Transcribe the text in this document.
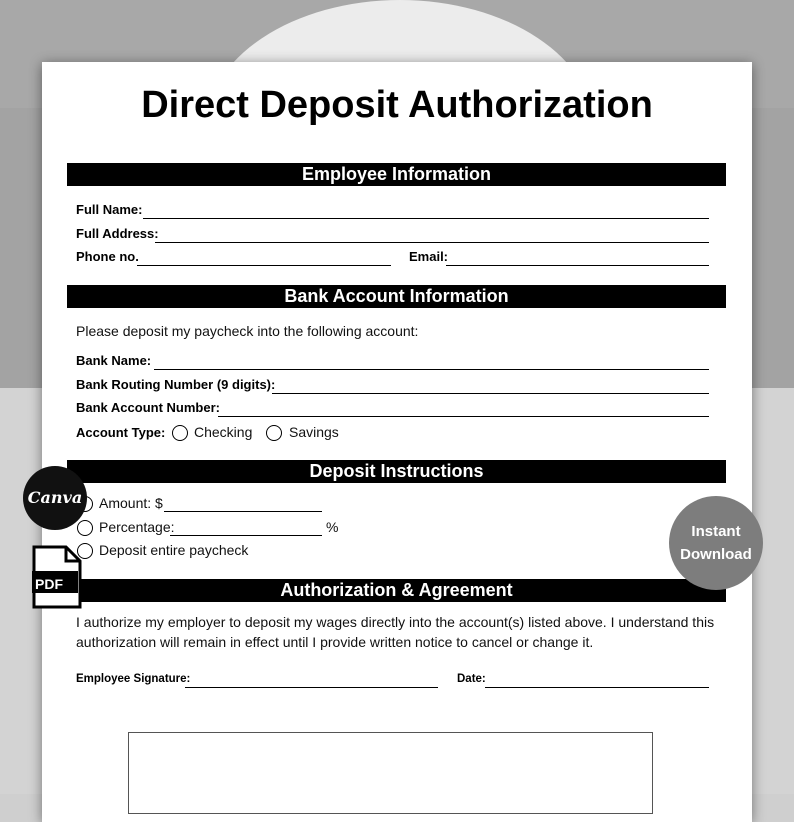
Direct Deposit Authorization
Employee Information
Full Name:
Full Address:
Phone no.	Email:
Bank Account Information
Please deposit my paycheck into the following account:
Bank Name:
Bank Routing Number (9 digits):
Bank Account Number:
Account Type: Checking	Savings
Deposit Instructions
Amount: $
Percentage:	%
Deposit entire paycheck
Authorization & Agreement
I authorize my employer to deposit my wages directly into the account(s) listed above. I understand this authorization will remain in effect until I provide written notice to cancel or change it.
Employee Signature:	Date:
Canva
PDF
Instant
Download
